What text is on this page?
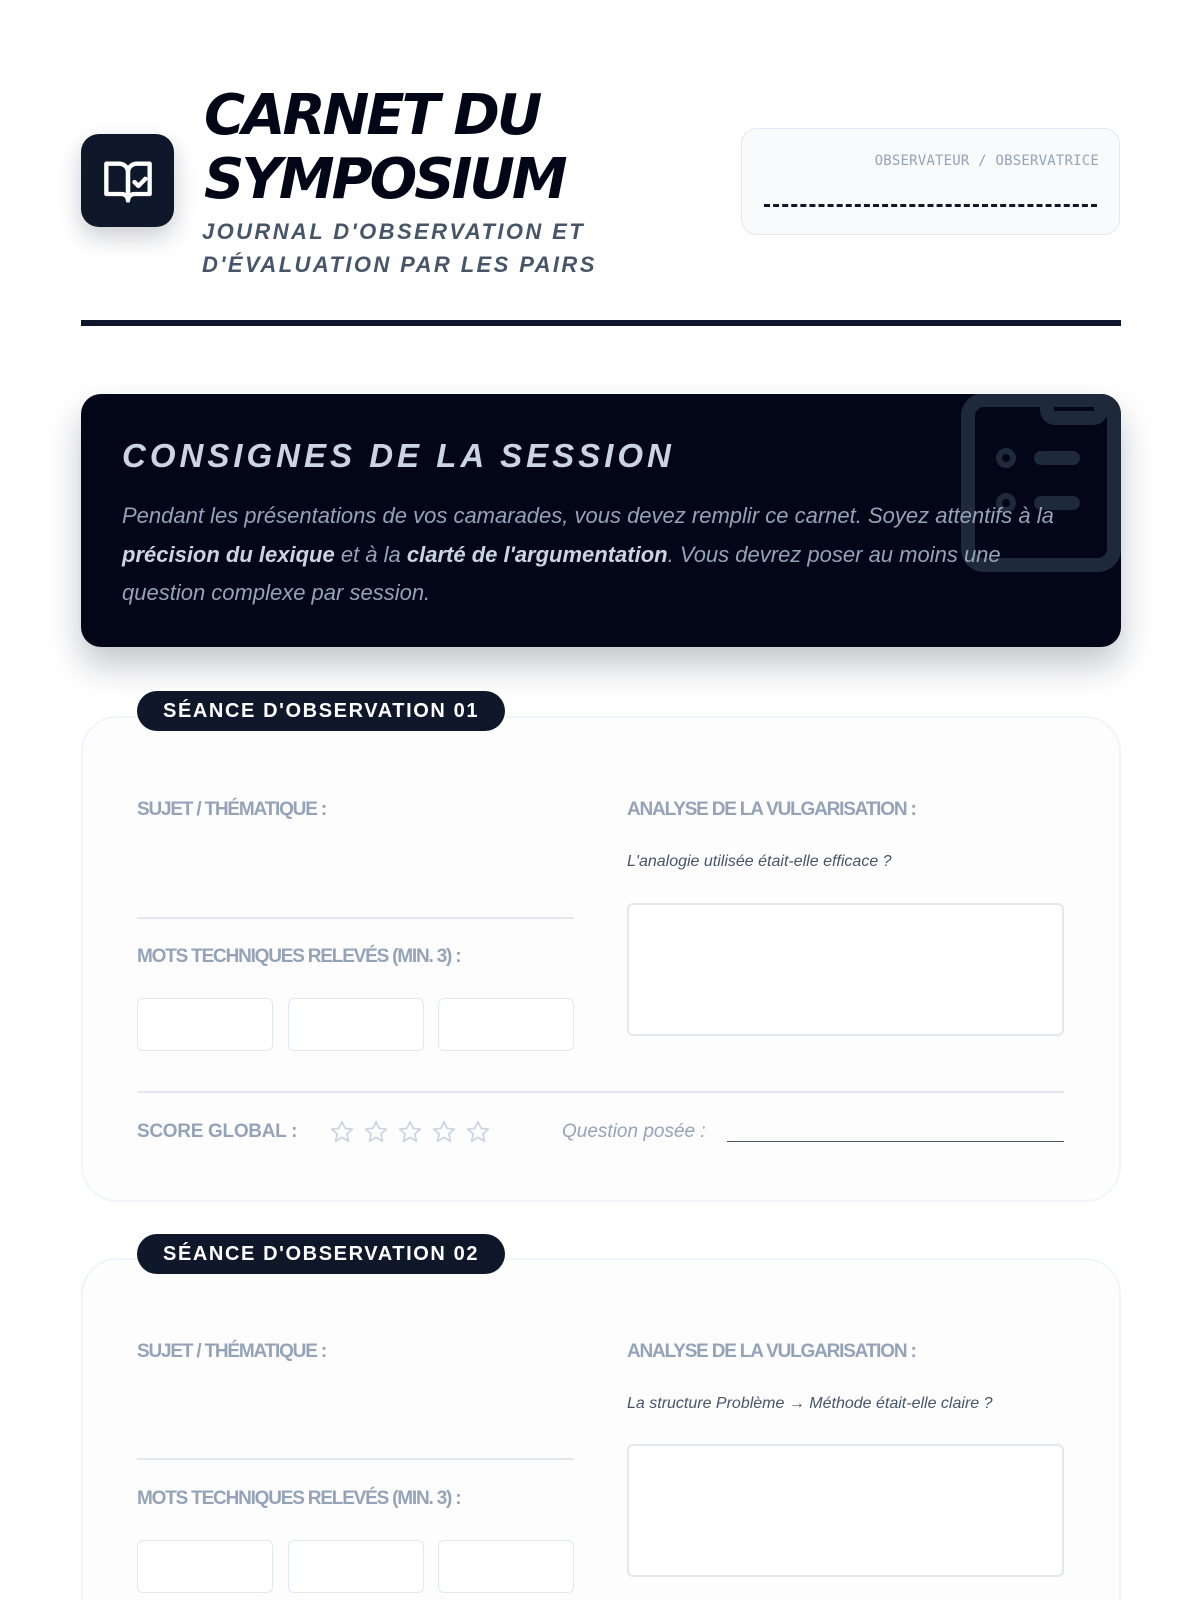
CARNET DU
SYMPOSIUM
JOURNAL D'OBSERVATION ET
D'ÉVALUATION PAR LES PAIRS
OBSERVATEUR / OBSERVATRICE
CONSIGNES DE LA SESSION
Pendant les présentations de vos camarades, vous devez remplir ce carnet. Soyez attentifs à la précision du lexique et à la clarté de l'argumentation. Vous devrez poser au moins une question complexe par session.
SÉANCE D'OBSERVATION 01
SUJET / THÉMATIQUE :
MOTS TECHNIQUES RELEVÉS (MIN. 3) :
ANALYSE DE LA VULGARISATION :
L'analogie utilisée était-elle efficace ?
SCORE GLOBAL :	Question posée :
SÉANCE D'OBSERVATION 02
SUJET / THÉMATIQUE :
MOTS TECHNIQUES RELEVÉS (MIN. 3) :
ANALYSE DE LA VULGARISATION :
La structure Problème → Méthode était-elle claire ?
